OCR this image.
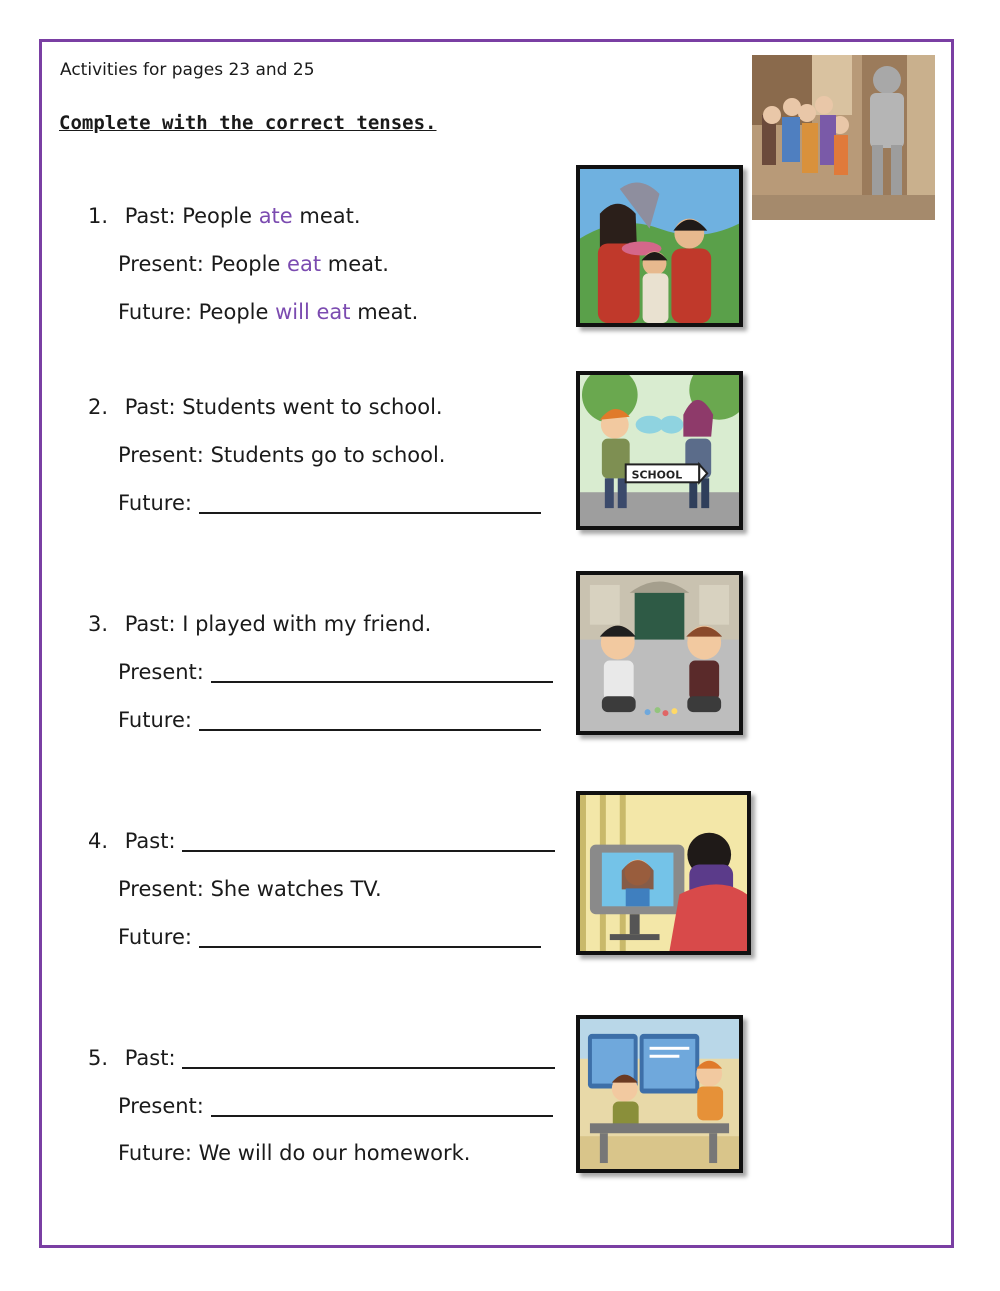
Activities for pages 23 and 25
Complete with the correct tenses.
1. Past: People ate meat.
Present: People eat meat.
Future: People will eat meat.
2. Past: Students went to school.
Present: Students go to school.
Future:
SCHOOL
3. Past: I played with my friend.
Present:
Future:
4. Past:
Present: She watches TV.
Future:
5. Past:
Present:
Future: We will do our homework.
